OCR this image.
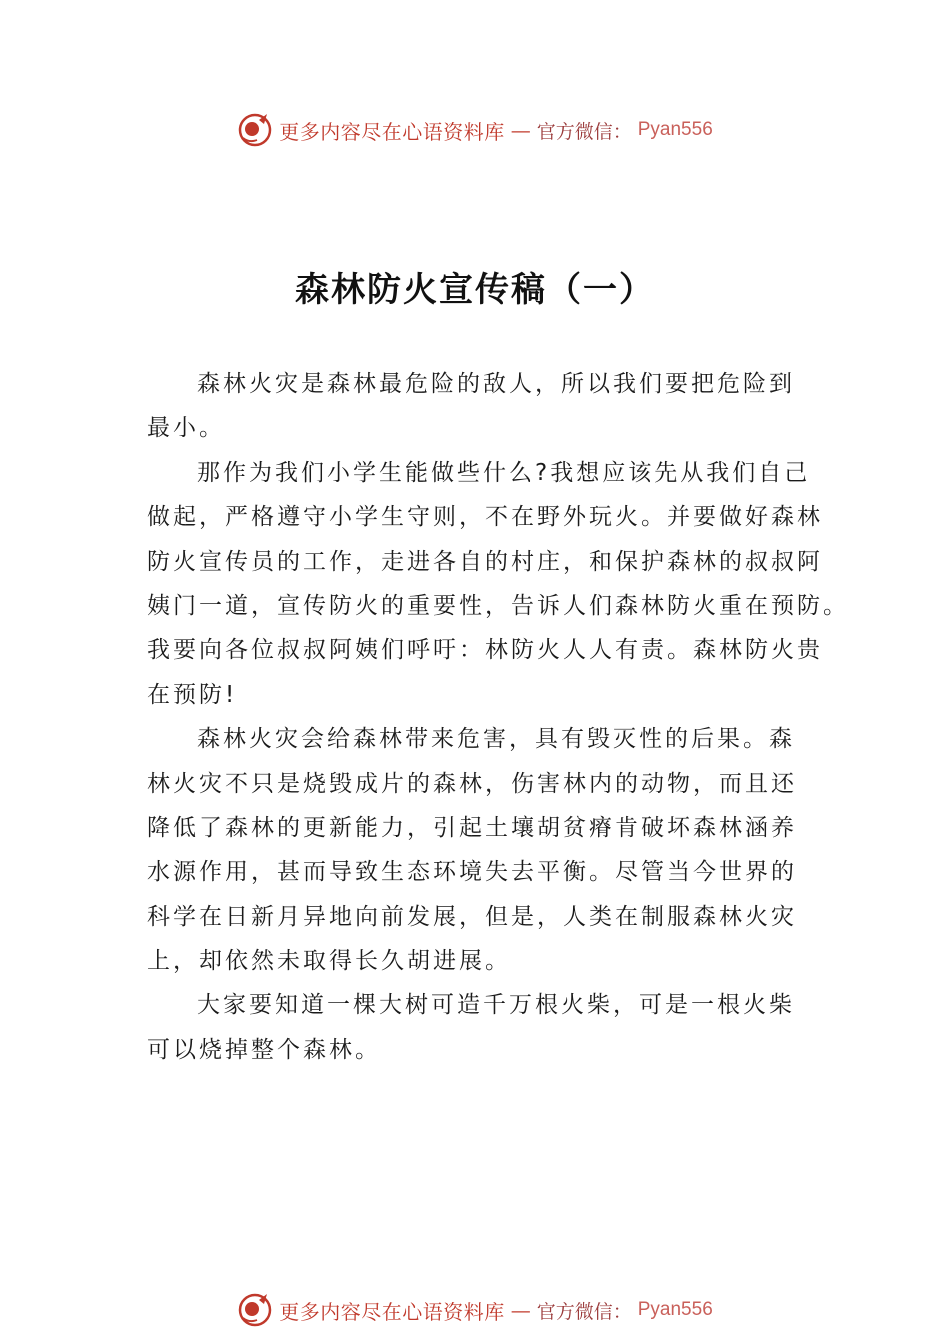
更多内容尽在心语资料库 — 官方微信： Pyan556
森林防火宣传稿（一）
森林火灾是森林最危险的敌人，所以我们要把危险到
最小。
那作为我们小学生能做些什么?我想应该先从我们自己
做起，严格遵守小学生守则，不在野外玩火。并要做好森林
防火宣传员的工作，走进各自的村庄，和保护森林的叔叔阿
姨门一道，宣传防火的重要性，告诉人们森林防火重在预防。
我要向各位叔叔阿姨们呼吁：林防火人人有责。森林防火贵
在预防!
森林火灾会给森林带来危害，具有毁灭性的后果。森
林火灾不只是烧毁成片的森林，伤害林内的动物，而且还
降低了森林的更新能力，引起土壤胡贫瘠肯破坏森林涵养
水源作用，甚而导致生态环境失去平衡。尽管当今世界的
科学在日新月异地向前发展，但是，人类在制服森林火灾
上，却依然未取得长久胡进展。
大家要知道一棵大树可造千万根火柴，可是一根火柴
可以烧掉整个森林。
更多内容尽在心语资料库 — 官方微信： Pyan556
